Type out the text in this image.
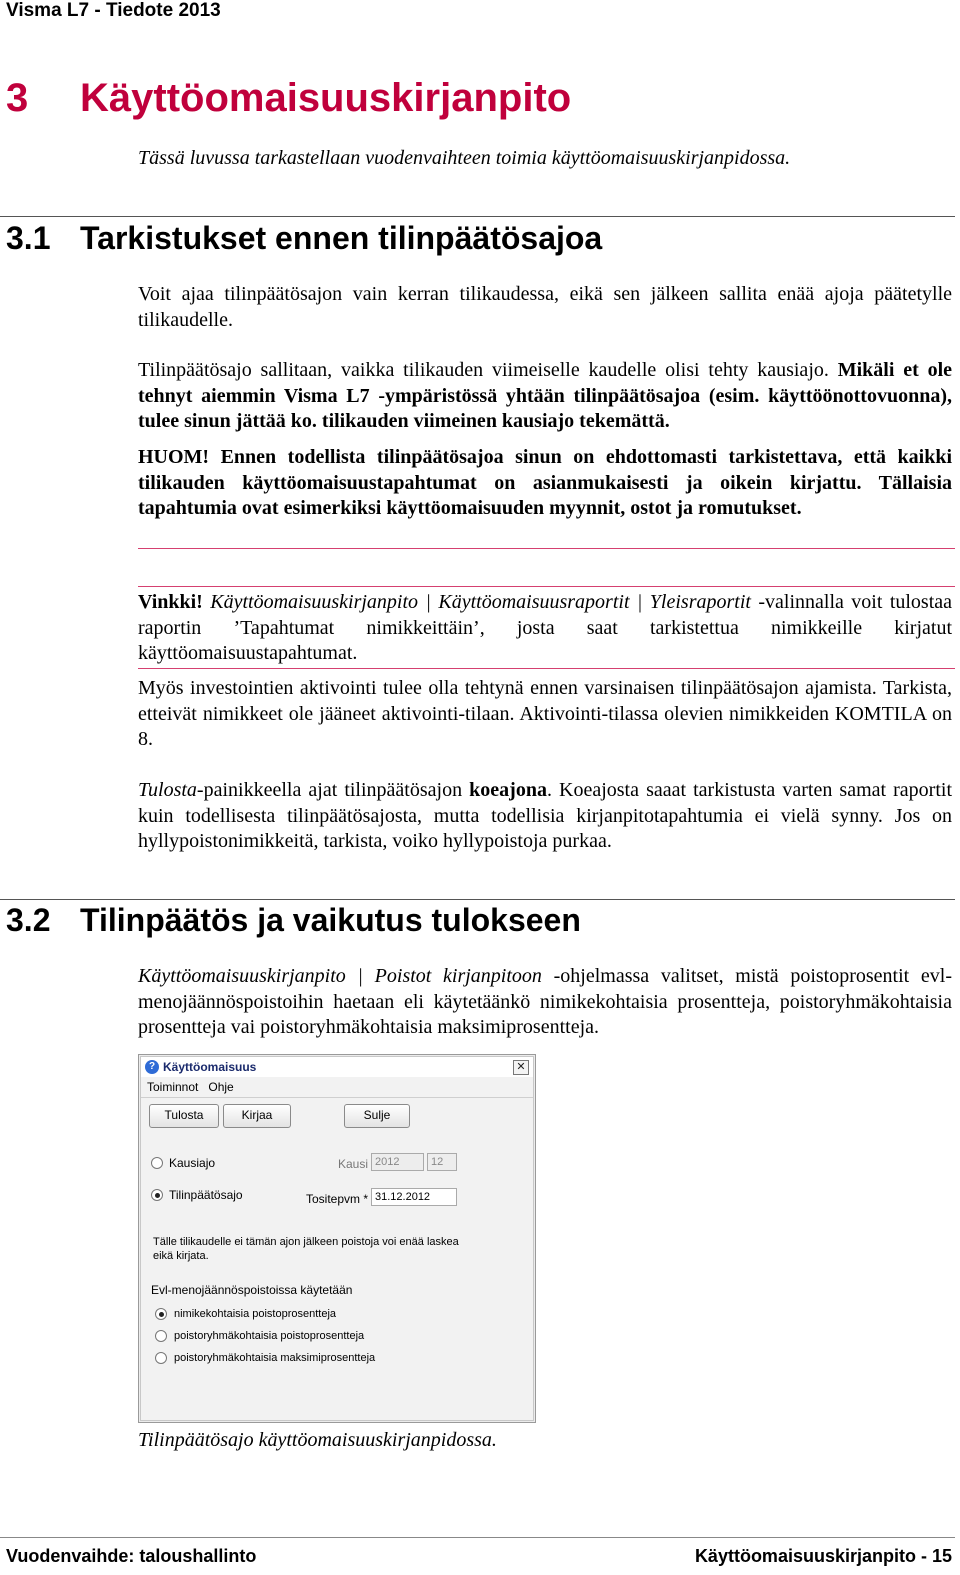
Visma L7 - Tiedote 2013
3 Käyttöomaisuuskirjanpito
Tässä luvussa tarkastellaan vuodenvaihteen toimia käyttöomaisuuskirjanpidossa.
3.1 Tarkistukset ennen tilinpäätösajoa
Voit ajaa tilinpäätösajon vain kerran tilikaudessa, eikä sen jälkeen sallita enää ajoja päätetylle tilikaudelle.
Tilinpäätösajo sallitaan, vaikka tilikauden viimeiselle kaudelle olisi tehty kausiajo. Mikäli et ole tehnyt aiemmin Visma L7 -ympäristössä yhtään tilinpäätösajoa (esim. käyttöönottovuonna), tulee sinun jättää ko. tilikauden viimeinen kausiajo tekemättä.
HUOM! Ennen todellista tilinpäätösajoa sinun on ehdottomasti tarkistettava, että kaikki tilikauden käyttöomaisuustapahtumat on asianmukaisesti ja oikein kirjattu. Tällaisia tapahtumia ovat esimerkiksi käyttöomaisuuden myynnit, ostot ja romutukset.
Vinkki! Käyttöomaisuuskirjanpito | Käyttöomaisuusraportit | Yleisraportit -valinnalla voit tulostaa raportin ’Tapahtumat nimikkeittäin’, josta saat tarkistettua nimikkeille kirjatut käyttöomaisuustapahtumat.
Myös investointien aktivointi tulee olla tehtynä ennen varsinaisen tilinpäätösajon ajamista. Tarkista, etteivät nimikkeet ole jääneet aktivointi-tilaan. Aktivointi-tilassa olevien nimikkeiden KOMTILA on 8.
Tulosta-painikkeella ajat tilinpäätösajon koeajona. Koeajosta saaat tarkistusta varten samat raportit kuin todellisesta tilinpäätösajosta, mutta todellisia kirjanpitotapahtumia ei vielä synny. Jos on hyllypoistonimikkeitä, tarkista, voiko hyllypoistoja purkaa.
3.2 Tilinpäätös ja vaikutus tulokseen
Käyttöomaisuuskirjanpito | Poistot kirjanpitoon -ohjelmassa valitset, mistä poistoprosentit evl-menojäännöspoistoihin haetaan eli käytetäänkö nimikekohtaisia prosentteja, poistoryhmäkohtaisia prosentteja vai poistoryhmäkohtaisia maksimiprosentteja.
? Käyttöomaisuus	✕
Toiminnot Ohje
Tulosta	Kirjaa	Sulje
Kausiajo	Kausi 2012	12
Tilinpäätösajo	Tositepvm * 31.12.2012
Tälle tilikaudelle ei tämän ajon jälkeen poistoja voi enää laskea eikä kirjata.
Evl-menojäännöspoistoissa käytetään
nimikekohtaisia poistoprosentteja
poistoryhmäkohtaisia poistoprosentteja
poistoryhmäkohtaisia maksimiprosentteja
Tilinpäätösajo käyttöomaisuuskirjanpidossa.
Vuodenvaihde: taloushallinto	Käyttöomaisuuskirjanpito - 15
